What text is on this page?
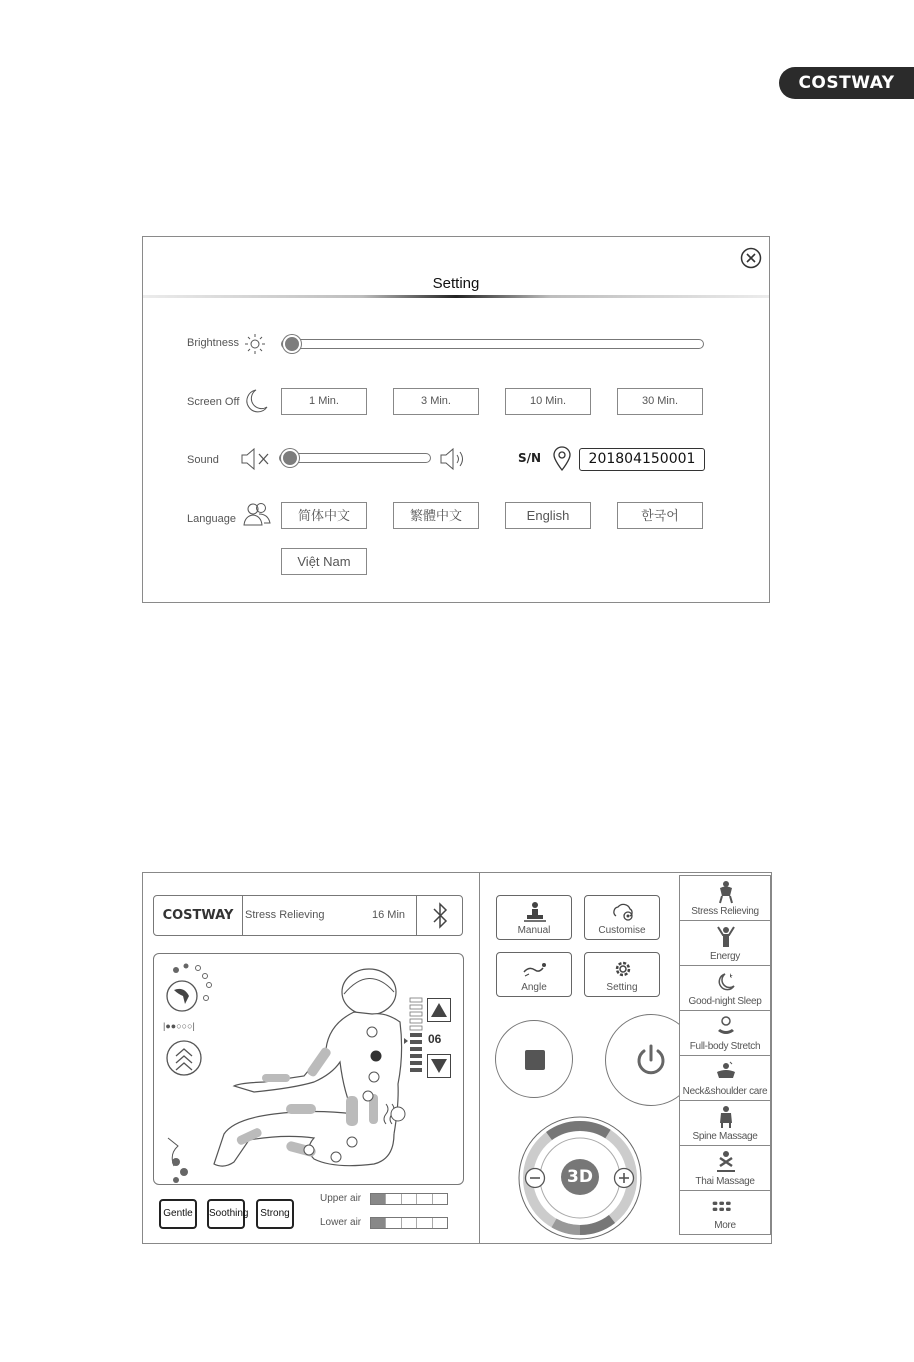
COSTWAY
Setting
Brightness
Screen Off	1 Min.	3 Min.	10 Min.	30 Min.
Sound	S/N	201804150001
Language	简体中文	繁體中文	English	한국어
Việt Nam
COSTWAY	Stress Relieving	16 Min
|●●○○○|
06
Gentle	Soothing	Strong
Upper air
Lower air
Manual	Customise
Angle	Setting
3D
Stress Relieving
Energy
Good-night Sleep
Full-body Stretch
Neck&shoulder care
Spine Massage
Thai Massage
More
